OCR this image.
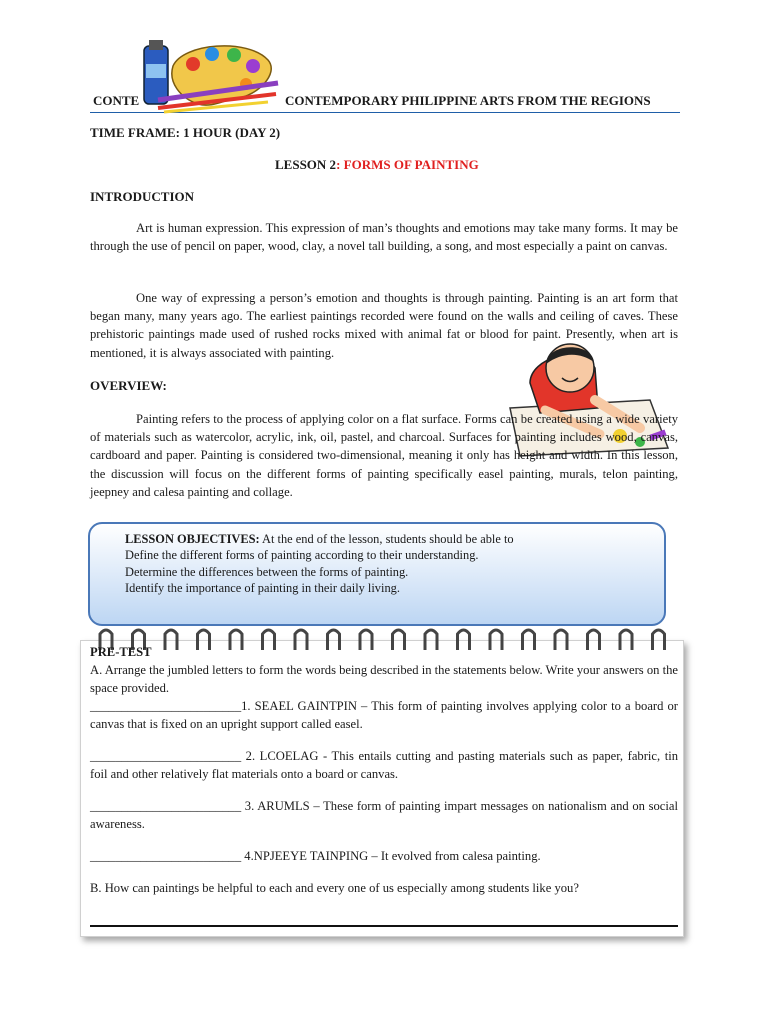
CONTE	CONTEMPORARY PHILIPPINE ARTS FROM THE REGIONS
TIME FRAME: 1 HOUR (DAY 2)
LESSON 2: FORMS OF PAINTING
INTRODUCTION
Art is human expression. This expression of man’s thoughts and emotions may take many forms. It may be through the use of pencil on paper, wood, clay, a novel tall building, a song, and most especially a paint on canvas.
One way of expressing a person’s emotion and thoughts is through painting. Painting is an art form that began many, many years ago. The earliest paintings recorded were found on the walls and ceiling of caves. These prehistoric paintings made used of rushed rocks mixed with animal fat or blood for paint. Presently, when art is mentioned, it is always associated with painting.
OVERVIEW:
Painting refers to the process of applying color on a flat surface. Forms can be created using a wide variety of materials such as watercolor, acrylic, ink, oil, pastel, and charcoal. Surfaces for painting includes wood, canvas, cardboard and paper. Painting is considered two-dimensional, meaning it only has height and width. In this lesson, the discussion will focus on the different forms of painting specifically easel painting, murals, telon painting, jeepney and calesa painting and collage.
LESSON OBJECTIVES: At the end of the lesson, students should be able to
Define the different forms of painting according to their understanding.
Determine the differences between the forms of painting.
Identify the importance of painting in their daily living.
PRE-TEST
A. Arrange the jumbled letters to form the words being described in the statements below. Write your answers on the space provided.
________________________1. SEAEL GAINTPIN – This form of painting involves applying color to a board or canvas that is fixed on an upright support called easel.
________________________ 2. LCOELAG - This entails cutting and pasting materials such as paper, fabric, tin foil and other relatively flat materials onto a board or canvas.
________________________ 3. ARUMLS – These form of painting impart messages on nationalism and on social awareness.
________________________ 4.NPJEEYE TAINPING – It evolved from calesa painting.
B. How can paintings be helpful to each and every one of us especially among students like you?
